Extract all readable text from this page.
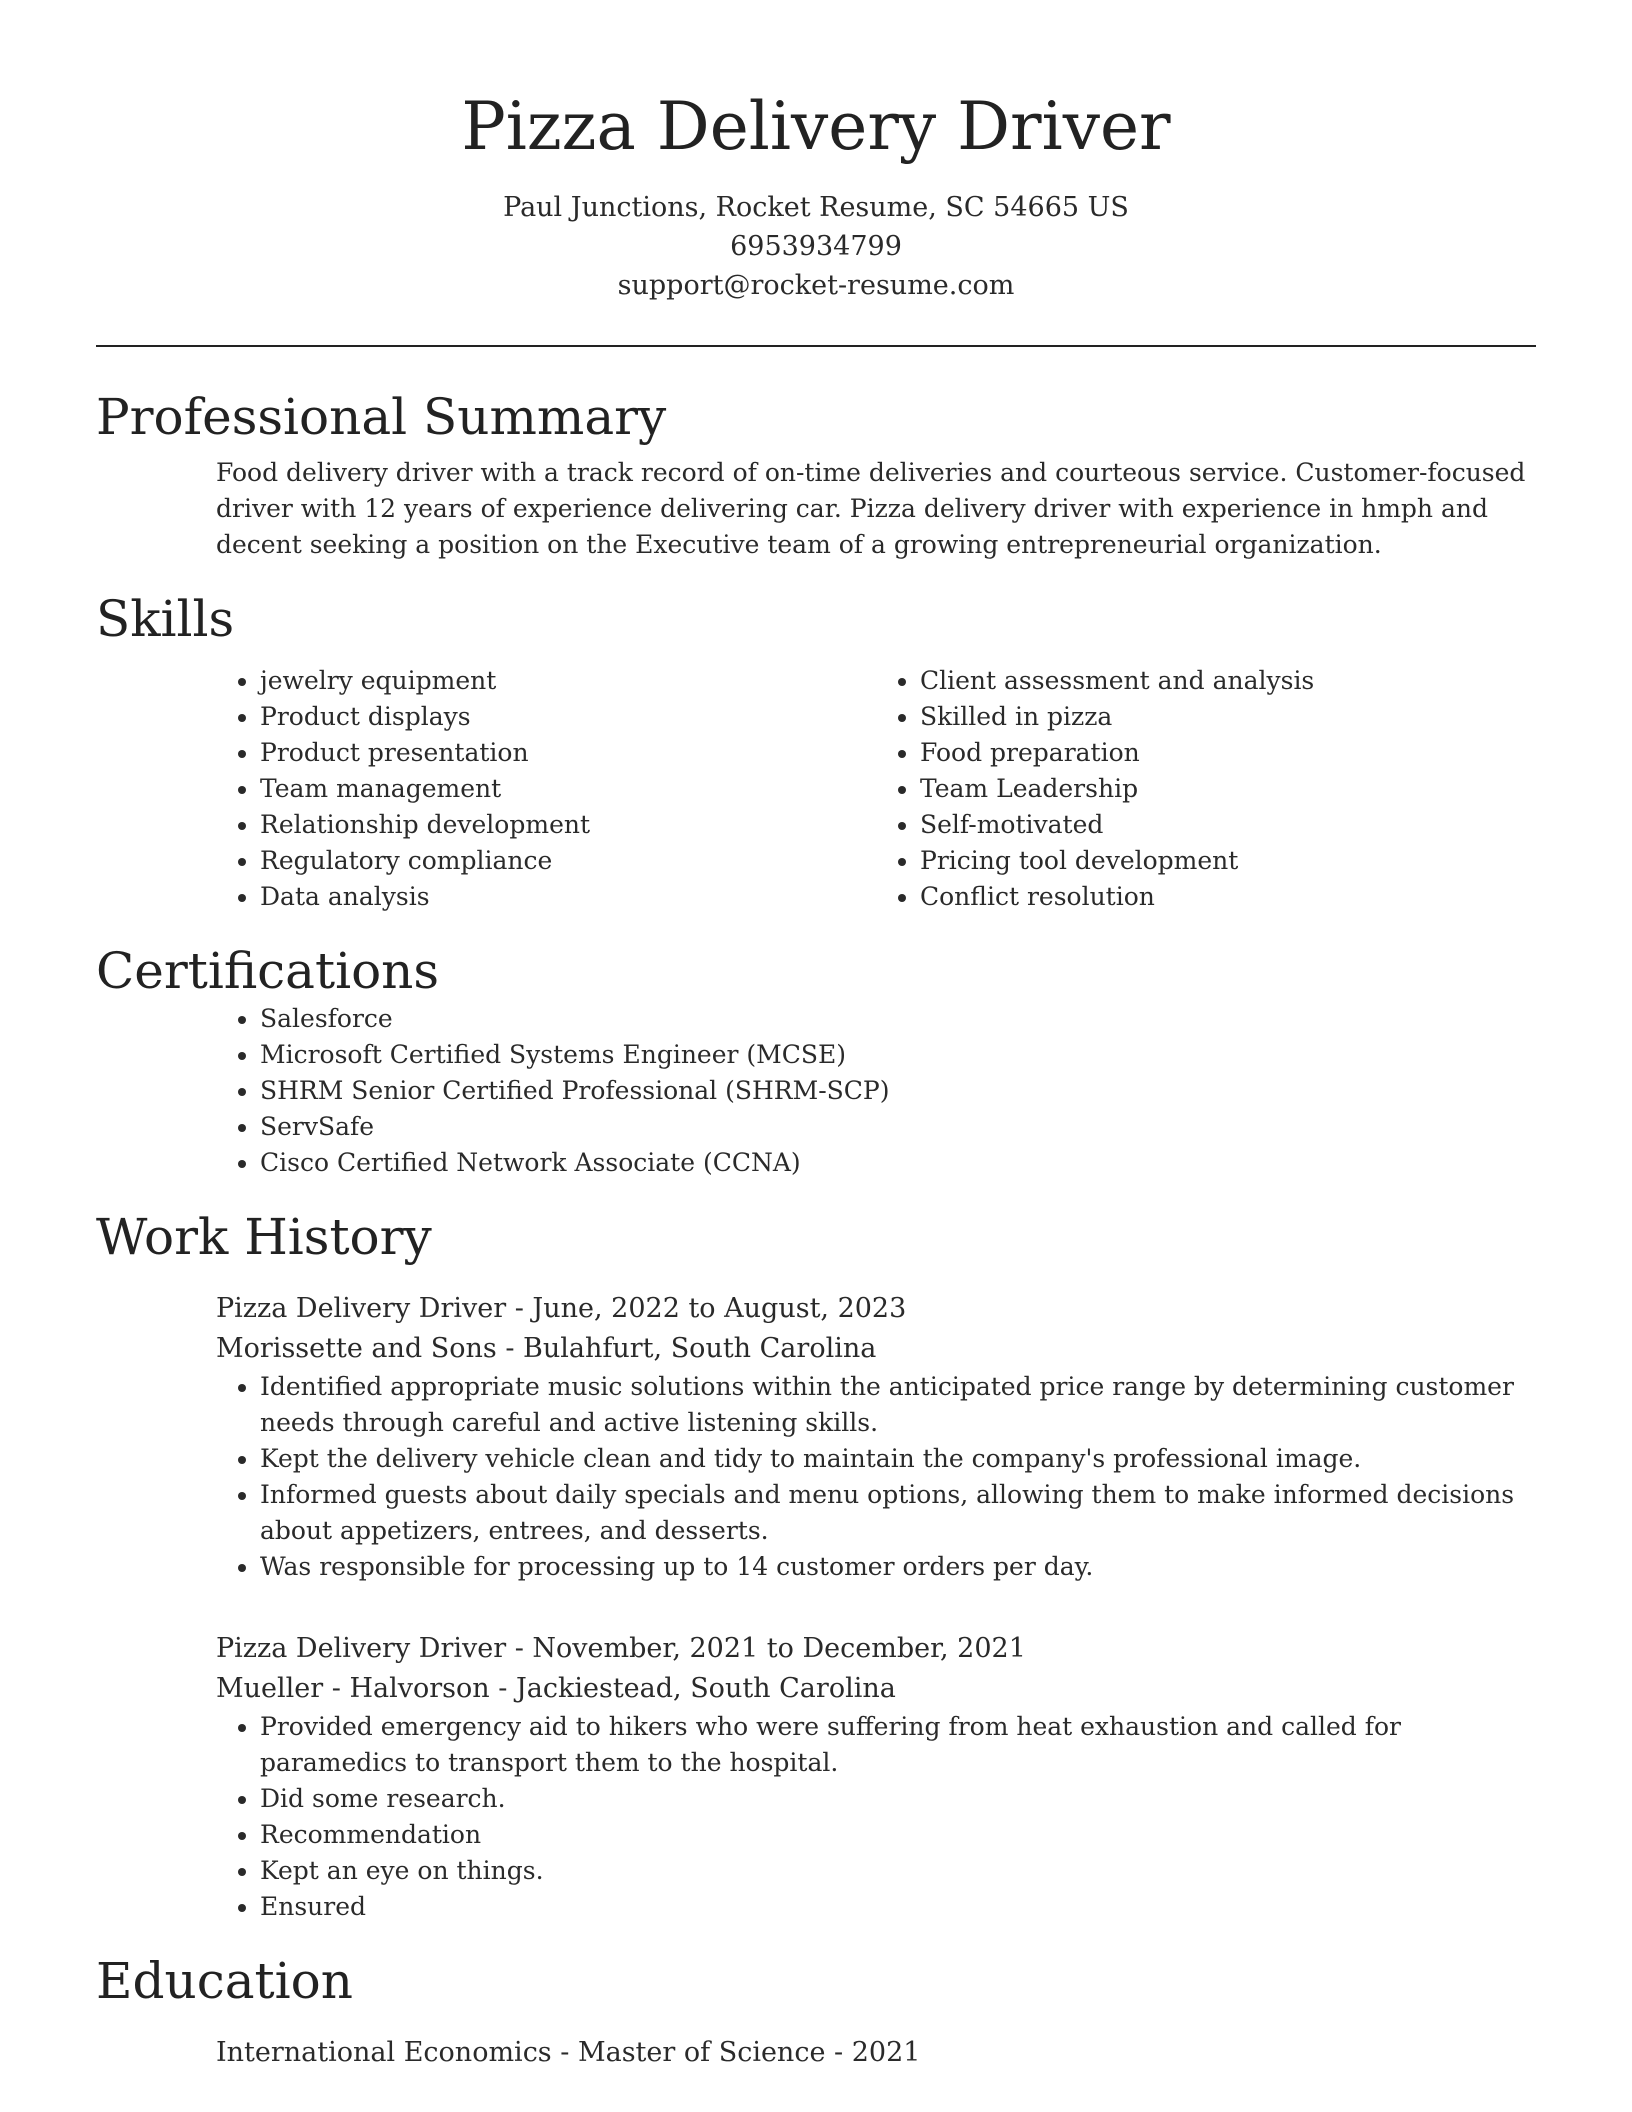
Pizza Delivery Driver
Paul Junctions, Rocket Resume, SC 54665 US
6953934799
support@rocket-resume.com
Professional Summary

Food delivery driver with a track record of on-time deliveries and courteous service. Customer-focused driver with 12 years of experience delivering car. Pizza delivery driver with experience in hmph and decent seeking a position on the Executive team of a growing entrepreneurial organization.

Skills
• jewelry equipment
• Product displays
• Product presentation
• Team management
• Relationship development
• Regulatory compliance
• Data analysis
• Client assessment and analysis
• Skilled in pizza
• Food preparation
• Team Leadership
• Self-motivated
• Pricing tool development
• Conflict resolution
Certifications
• Salesforce
• Microsoft Certified Systems Engineer (MCSE)
• SHRM Senior Certified Professional (SHRM-SCP)
• ServSafe
• Cisco Certified Network Associate (CCNA)
Work History
Pizza Delivery Driver - June, 2022 to August, 2023
Morissette and Sons - Bulahfurt, South Carolina
• Identified appropriate music solutions within the anticipated price range by determining customer needs through careful and active listening skills.
• Kept the delivery vehicle clean and tidy to maintain the company's professional image.
• Informed guests about daily specials and menu options, allowing them to make informed decisions about appetizers, entrees, and desserts.
• Was responsible for processing up to 14 customer orders per day.
Pizza Delivery Driver - November, 2021 to December, 2021
Mueller - Halvorson - Jackiestead, South Carolina
• Provided emergency aid to hikers who were suffering from heat exhaustion and called for paramedics to transport them to the hospital.
• Did some research.
• Recommendation
• Kept an eye on things.
• Ensured
Education
International Economics - Master of Science - 2021
